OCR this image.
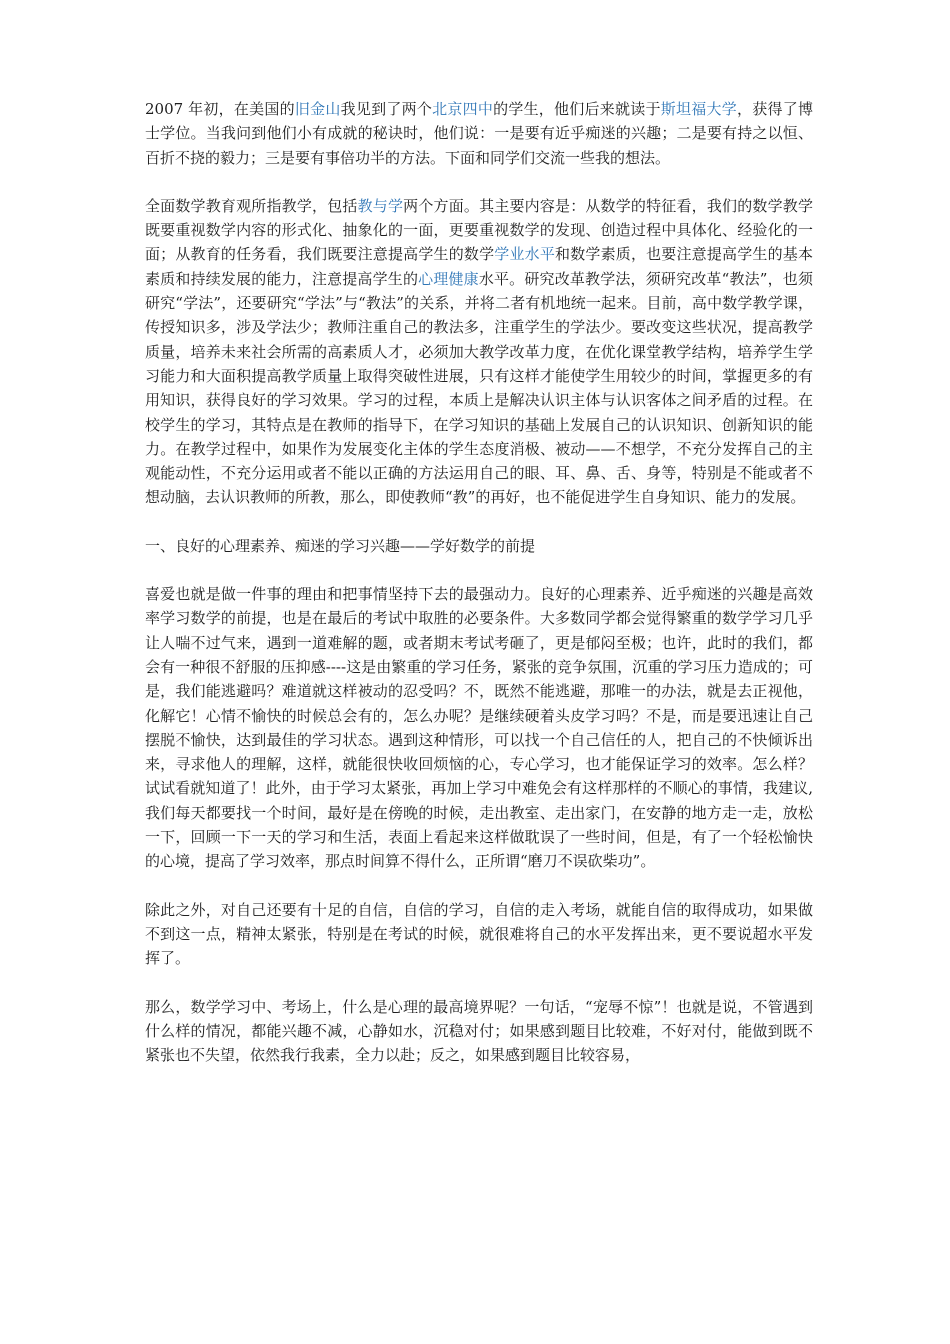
2007 年初，在美国的旧金山我见到了两个北京四中的学生，他们后来就读于斯坦福大学，获得了博士学位。当我问到他们小有成就的秘诀时，他们说：一是要有近乎痴迷的兴趣；二是要有持之以恒、百折不挠的毅力；三是要有事倍功半的方法。下面和同学们交流一些我的想法。

全面数学教育观所指教学，包括教与学两个方面。其主要内容是：从数学的特征看，我们的数学教学既要重视数学内容的形式化、抽象化的一面，更要重视数学的发现、创造过程中具体化、经验化的一面；从教育的任务看，我们既要注意提高学生的数学学业水平和数学素质，也要注意提高学生的基本素质和持续发展的能力，注意提高学生的心理健康水平。研究改革教学法，须研究改革“教法”，也须研究“学法”，还要研究“学法”与“教法”的关系，并将二者有机地统一起来。目前，高中数学教学课，传授知识多，涉及学法少；教师注重自己的教法多，注重学生的学法少。要改变这些状况，提高教学质量，培养未来社会所需的高素质人才，必须加大教学改革力度，在优化课堂教学结构，培养学生学习能力和大面积提高教学质量上取得突破性进展，只有这样才能使学生用较少的时间，掌握更多的有用知识，获得良好的学习效果。学习的过程，本质上是解决认识主体与认识客体之间矛盾的过程。在校学生的学习，其特点是在教师的指导下，在学习知识的基础上发展自己的认识知识、创新知识的能力。在教学过程中，如果作为发展变化主体的学生态度消极、被动——不想学，不充分发挥自己的主观能动性，不充分运用或者不能以正确的方法运用自己的眼、耳、鼻、舌、身等，特别是不能或者不想动脑，去认识教师的所教，那么，即使教师“教”的再好，也不能促进学生自身知识、能力的发展。

一、良好的心理素养、痴迷的学习兴趣——学好数学的前提

喜爱也就是做一件事的理由和把事情坚持下去的最强动力。良好的心理素养、近乎痴迷的兴趣是高效率学习数学的前提，也是在最后的考试中取胜的必要条件。大多数同学都会觉得繁重的数学学习几乎让人喘不过气来，遇到一道难解的题，或者期末考试考砸了，更是郁闷至极；也许，此时的我们，都会有一种很不舒服的压抑感----这是由繁重的学习任务，紧张的竞争氛围，沉重的学习压力造成的；可是，我们能逃避吗？难道就这样被动的忍受吗？不，既然不能逃避，那唯一的办法，就是去正视他，化解它！心情不愉快的时候总会有的，怎么办呢？是继续硬着头皮学习吗？不是，而是要迅速让自己摆脱不愉快，达到最佳的学习状态。遇到这种情形，可以找一个自己信任的人，把自己的不快倾诉出来，寻求他人的理解，这样，就能很快收回烦恼的心，专心学习，也才能保证学习的效率。怎么样？试试看就知道了！此外，由于学习太紧张，再加上学习中难免会有这样那样的不顺心的事情，我建议,我们每天都要找一个时间，最好是在傍晚的时候，走出教室、走出家门，在安静的地方走一走，放松一下，回顾一下一天的学习和生活，表面上看起来这样做耽误了一些时间，但是，有了一个轻松愉快的心境，提高了学习效率，那点时间算不得什么，正所谓“磨刀不误砍柴功”。

除此之外，对自己还要有十足的自信，自信的学习，自信的走入考场，就能自信的取得成功，如果做不到这一点，精神太紧张，特别是在考试的时候，就很难将自己的水平发挥出来，更不要说超水平发挥了。

那么，数学学习中、考场上，什么是心理的最高境界呢？一句话，“宠辱不惊”！也就是说，不管遇到什么样的情况，都能兴趣不减，心静如水，沉稳对付；如果感到题目比较难，不好对付，能做到既不紧张也不失望，依然我行我素，全力以赴；反之，如果感到题目比较容易，
